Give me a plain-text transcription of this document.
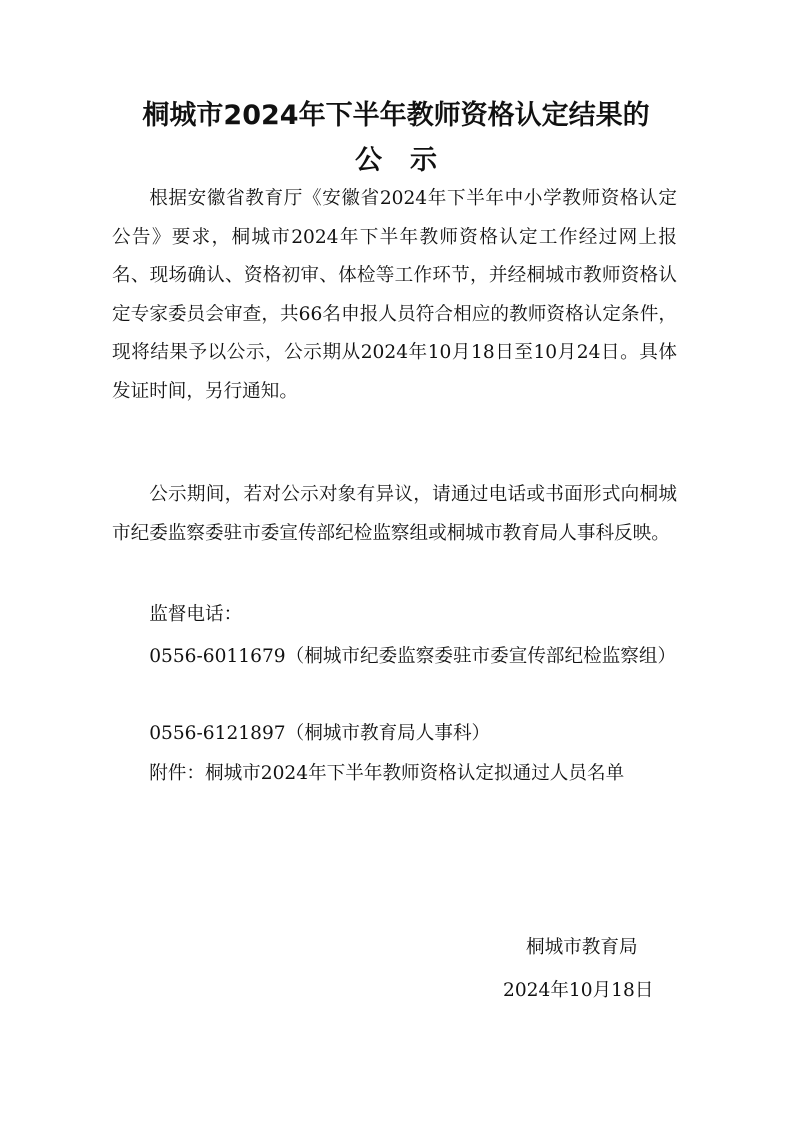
桐城市2024年下半年教师资格认定结果的
公示

根据安徽省教育厅《安徽省2024年下半年中小学教师资格认定公告》要求，桐城市2024年下半年教师资格认定工作经过网上报名、现场确认、资格初审、体检等工作环节，并经桐城市教师资格认定专家委员会审查，共66名申报人员符合相应的教师资格认定条件，现将结果予以公示，公示期从2024年10月18日至10月24日。具体发证时间，另行通知。

公示期间，若对公示对象有异议，请通过电话或书面形式向桐城市纪委监察委驻市委宣传部纪检监察组或桐城市教育局人事科反映。

监督电话：

0556-6011679（桐城市纪委监察委驻市委宣传部纪检监察组）

0556-6121897（桐城市教育局人事科）

附件：桐城市2024年下半年教师资格认定拟通过人员名单

桐城市教育局

2024年10月18日
